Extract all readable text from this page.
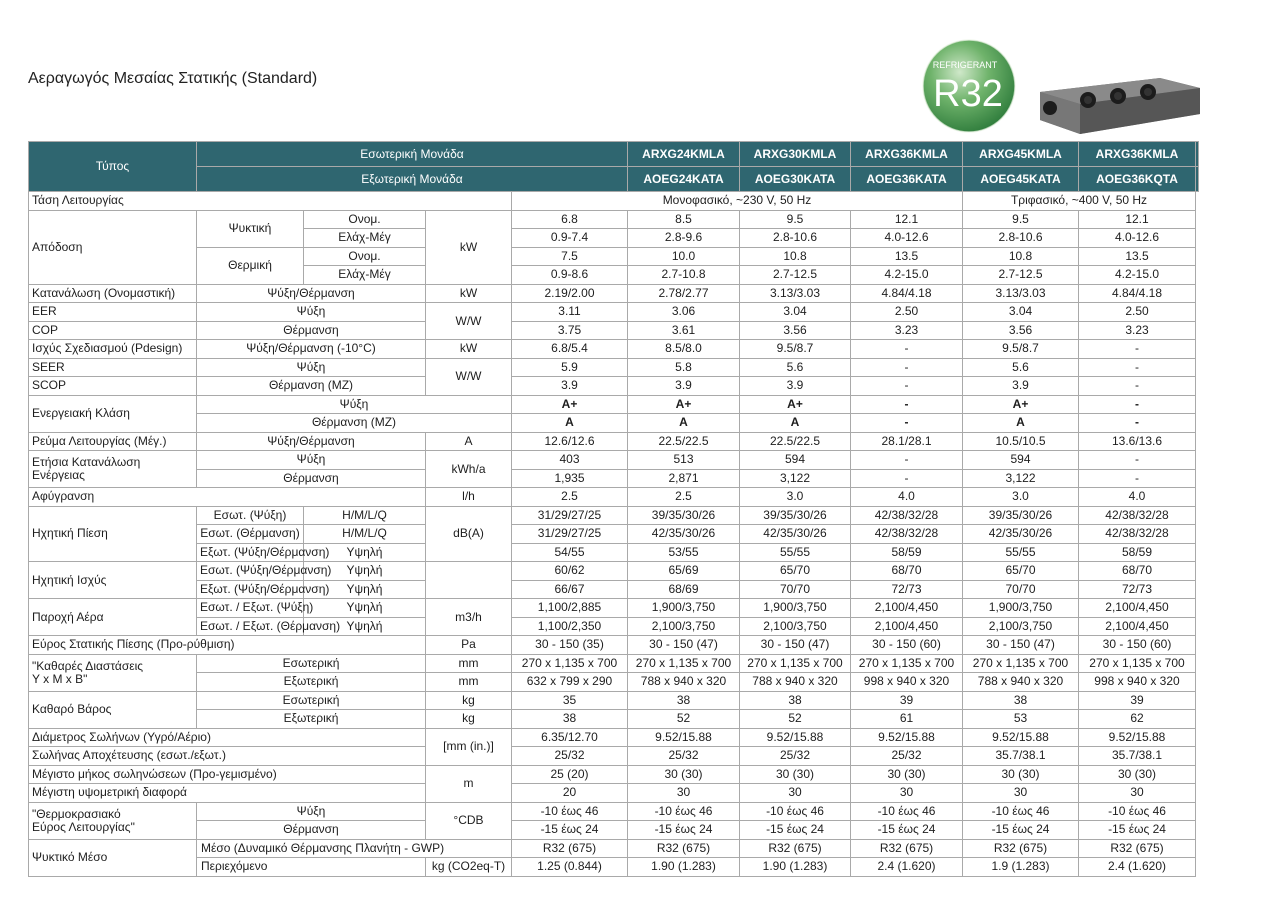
Αεραγωγός Μεσαίας Στατικής (Standard)
REFRIGERANT
R32
Τύπος	Εσωτερική Μονάδα				ARXG24KMLA	ARXG30KMLA	ARXG36KMLA	ARXG45KMLA	ARXG36KMLA	ARXG45KMLA
	Εξωτερική Μονάδα				AOEG24KATA	AOEG30KATA	AOEG36KATA	AOEG45KATA	AOEG36KQTA	AOEG45KQTA
Τάση Λειτουργίας				Μονοφασικό, ~230 V, 50 Hz				Τριφασικό, ~400 V, 50 Hz		
Απόδοση	Ψυκτική	Ονομ.	kW	6.8	8.5	9.5	12.1	9.5	12.1	
		Ελάχ-Μέγ		0.9-7.4	2.8-9.6	2.8-10.6	4.0-12.6	2.8-10.6	4.0-12.6	
	Θερμική	Ονομ.		7.5	10.0	10.8	13.5	10.8	13.5	
		Ελάχ-Μέγ		0.9-8.6	2.7-10.8	2.7-12.5	4.2-15.0	2.7-12.5	4.2-15.0	
Κατανάλωση (Ονομαστική)	Ψύξη/Θέρμανση		kW	2.19/2.00	2.78/2.77	3.13/3.03	4.84/4.18	3.13/3.03	4.84/4.18	
EER	Ψύξη		W/W	3.11	3.06	3.04	2.50	3.04	2.50	
COP	Θέρμανση			3.75	3.61	3.56	3.23	3.56	3.23	
Ισχύς Σχεδιασμού (Pdesign)	Ψύξη/Θέρμανση (-10°C)		kW	6.8/5.4	8.5/8.0	9.5/8.7	-	9.5/8.7	-	
SEER	Ψύξη		W/W	5.9	5.8	5.6	-	5.6	-	
SCOP	Θέρμανση (ΜΖ)			3.9	3.9	3.9	-	3.9	-	
Ενεργειακή Κλάση	Ψύξη			A+	A+	A+	-	A+	-	
	Θέρμανση (ΜΖ)			A	A	A	-	A	-	
Ρεύμα Λειτουργίας (Μέγ.)	Ψύξη/Θέρμανση		A	12.6/12.6	22.5/22.5	22.5/22.5	28.1/28.1	10.5/10.5	13.6/13.6	
Ετήσια Κατανάλωση
Ενέργειας	Ψύξη		kWh/a	403	513	594	-	594	-	
	Θέρμανση			1,935	2,871	3,122	-	3,122	-	
Αφύγρανση			l/h	2.5	2.5	3.0	4.0	3.0	4.0	
Ηχητική Πίεση	Εσωτ. (Ψύξη)	H/M/L/Q	dB(A)	31/29/27/25	39/35/30/26	39/35/30/26	42/38/32/28	39/35/30/26	42/38/32/28	
	Εσωτ. (Θέρμανση)	H/M/L/Q		31/29/27/25	42/35/30/26	42/35/30/26	42/38/32/28	42/35/30/26	42/38/32/28	
	Εξωτ. (Ψύξη/Θέρμανση)	Υψηλή		54/55	53/55	55/55	58/59	55/55	58/59	
Ηχητική Ισχύς	Εσωτ. (Ψύξη/Θέρμανση)	Υψηλή		60/62	65/69	65/70	68/70	65/70	68/70	
	Εξωτ. (Ψύξη/Θέρμανση)	Υψηλή		66/67	68/69	70/70	72/73	70/70	72/73	
Παροχή Αέρα	Εσωτ. / Εξωτ. (Ψύξη)	Υψηλή	m3/h	1,100/2,885	1,900/3,750	1,900/3,750	2,100/4,450	1,900/3,750	2,100/4,450	
	Εσωτ. / Εξωτ. (Θέρμανση)	Υψηλή		1,100/2,350	2,100/3,750	2,100/3,750	2,100/4,450	2,100/3,750	2,100/4,450	
Εύρος Στατικής Πίεσης (Προ-ρύθμιση)			Pa	30 - 150 (35)	30 - 150 (47)	30 - 150 (47)	30 - 150 (60)	30 - 150 (47)	30 - 150 (60)	
"Καθαρές Διαστάσεις
Υ x Μ x Β"	Εσωτερική		mm	270 x 1,135 x 700	270 x 1,135 x 700	270 x 1,135 x 700	270 x 1,135 x 700	270 x 1,135 x 700	270 x 1,135 x 700	
	Εξωτερική		mm	632 x 799 x 290	788 x 940 x 320	788 x 940 x 320	998 x 940 x 320	788 x 940 x 320	998 x 940 x 320	
Καθαρό Βάρος	Εσωτερική		kg	35	38	38	39	38	39	
	Εξωτερική		kg	38	52	52	61	53	62	
Διάμετρος Σωλήνων (Υγρό/Αέριο)			[mm (in.)]	6.35/12.70	9.52/15.88	9.52/15.88	9.52/15.88	9.52/15.88	9.52/15.88	
Σωλήνας Αποχέτευσης (εσωτ./εξωτ.)				25/32	25/32	25/32	25/32	35.7/38.1	35.7/38.1	
Μέγιστο μήκος σωληνώσεων (Προ-γεμισμένο)			m	25 (20)	30 (30)	30 (30)	30 (30)	30 (30)	30 (30)	
Μέγιστη υψομετρική διαφορά				20	30	30	30	30	30	
"Θερμοκρασιακό
Εύρος Λειτουργίας"	Ψύξη		°CDB	-10 έως 46	-10 έως 46	-10 έως 46	-10 έως 46	-10 έως 46	-10 έως 46	
	Θέρμανση			-15 έως 24	-15 έως 24	-15 έως 24	-15 έως 24	-15 έως 24	-15 έως 24	
Ψυκτικό Μέσο	Μέσο (Δυναμικό Θέρμανσης Πλανήτη - GWP)			R32 (675)	R32 (675)	R32 (675)	R32 (675)	R32 (675)	R32 (675)	
	Περιεχόμενο		kg (CO2eq-T)	1.25 (0.844)	1.90 (1.283)	1.90 (1.283)	2.4 (1.620)	1.9 (1.283)	2.4 (1.620)	
